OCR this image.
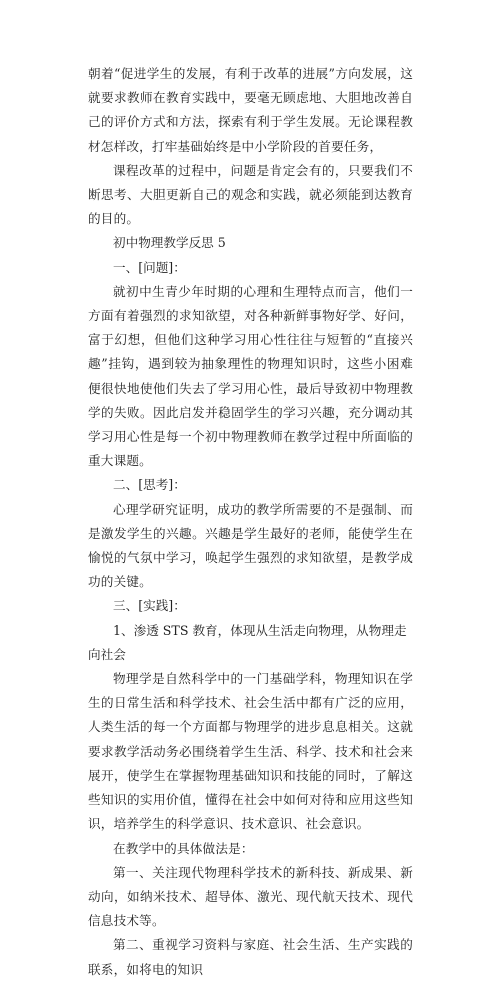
朝着“促进学生的发展，有利于改革的进展”方向发展，这就要求教师在教育实践中，要毫无顾虑地、大胆地改善自己的评价方式和方法，探索有利于学生发展。无论课程教材怎样改，打牢基础始终是中小学阶段的首要任务，

课程改革的过程中，问题是肯定会有的，只要我们不断思考、大胆更新自己的观念和实践，就必须能到达教育的目的。

初中物理教学反思 5

一、[问题]：

就初中生青少年时期的心理和生理特点而言，他们一方面有着强烈的求知欲望，对各种新鲜事物好学、好问，富于幻想，但他们这种学习用心性往往与短暂的“直接兴趣”挂钩，遇到较为抽象理性的物理知识时，这些小困难便很快地使他们失去了学习用心性，最后导致初中物理教学的失败。因此启发并稳固学生的学习兴趣，充分调动其学习用心性是每一个初中物理教师在教学过程中所面临的重大课题。

二、[思考]：

心理学研究证明，成功的教学所需要的不是强制、而是激发学生的兴趣。兴趣是学生最好的老师，能使学生在愉悦的气氛中学习，唤起学生强烈的求知欲望，是教学成功的关键。

三、[实践]：

1、渗透 STS 教育，体现从生活走向物理，从物理走向社会

物理学是自然科学中的一门基础学科，物理知识在学生的日常生活和科学技术、社会生活中都有广泛的应用，人类生活的每一个方面都与物理学的进步息息相关。这就要求教学活动务必围绕着学生生活、科学、技术和社会来展开，使学生在掌握物理基础知识和技能的同时，了解这些知识的实用价值，懂得在社会中如何对待和应用这些知识，培养学生的科学意识、技术意识、社会意识。

在教学中的具体做法是：

第一、关注现代物理科学技术的新科技、新成果、新动向，如纳米技术、超导体、激光、现代航天技术、现代信息技术等。

第二、重视学习资料与家庭、社会生活、生产实践的联系，如将电的知识
